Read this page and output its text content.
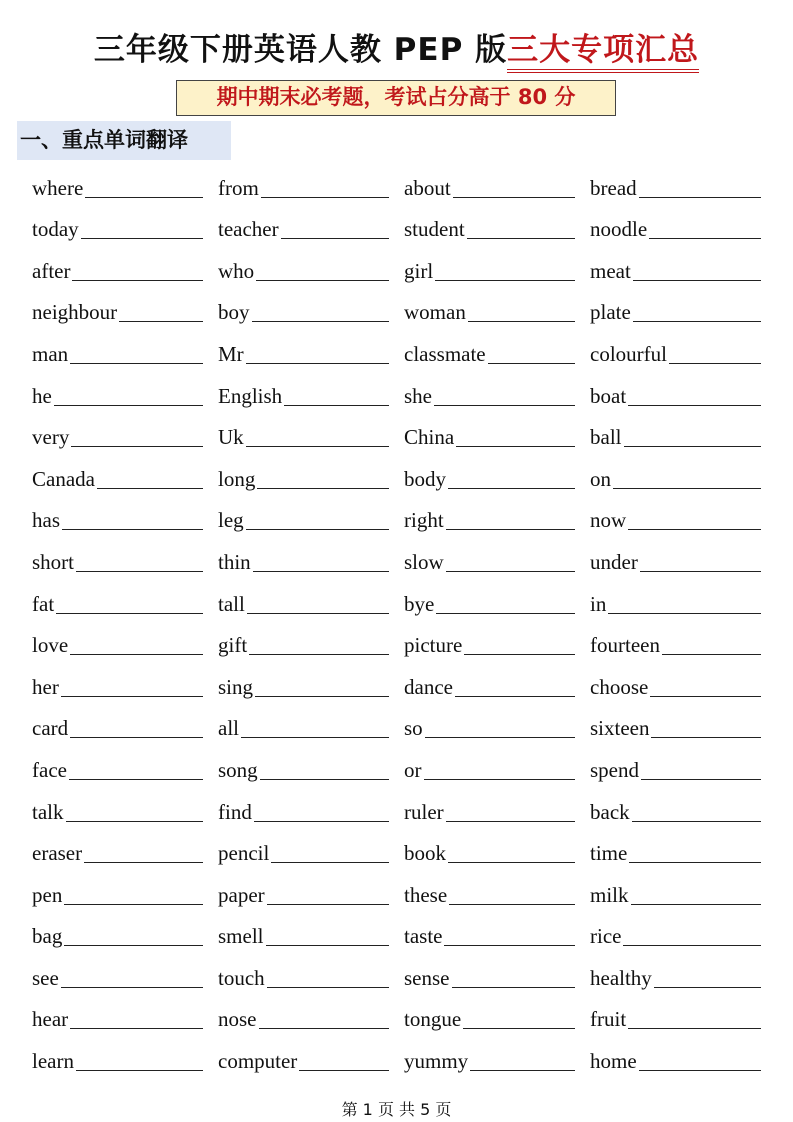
三年级下册英语人教 PEP 版三大专项汇总
期中期末必考题，考试占分高于 80 分
一、重点单词翻译
where	from	about	bread
today	teacher	student	noodle
after	who	girl	meat
neighbour	boy	woman	plate
man	Mr	classmate	colourful
he	English	she	boat
very	Uk	China	ball
Canada	long	body	on
has	leg	right	now
short	thin	slow	under
fat	tall	bye	in
love	gift	picture	fourteen
her	sing	dance	choose
card	all	so	sixteen
face	song	or	spend
talk	find	ruler	back
eraser	pencil	book	time
pen	paper	these	milk
bag	smell	taste	rice
see	touch	sense	healthy
hear	nose	tongue	fruit
learn	computer	yummy	home
第 1 页 共 5 页
